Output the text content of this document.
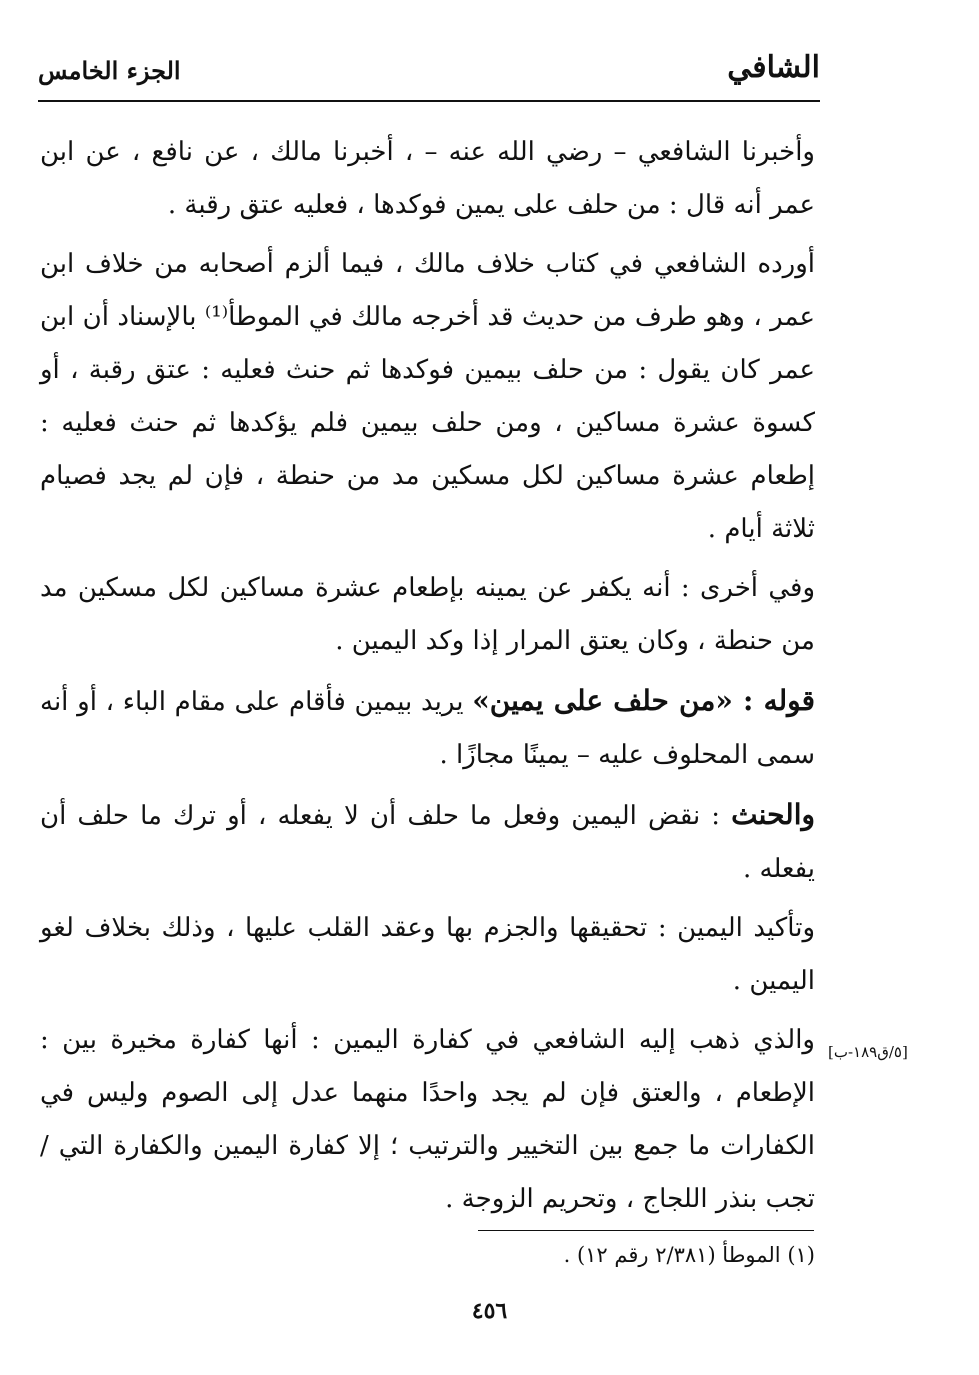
الشافي
الجزء الخامس

وأخبرنا الشافعي – رضي الله عنه – ، أخبرنا مالك ، عن نافع ، عن ابن عمر أنه قال : من حلف على يمين فوكدها ، فعليه عتق رقبة .

أورده الشافعي في كتاب خلاف مالك ، فيما ألزم أصحابه من خلاف ابن عمر ، وهو طرف من حديث قد أخرجه مالك في الموطأ⁽¹⁾ بالإسناد أن ابن عمر كان يقول : من حلف بيمين فوكدها ثم حنث فعليه : عتق رقبة ، أو كسوة عشرة مساكين ، ومن حلف بيمين فلم يؤكدها ثم حنث فعليه : إطعام عشرة مساكين لكل مسكين مد من حنطة ، فإن لم يجد فصيام ثلاثة أيام .

وفي أخرى : أنه يكفر عن يمينه بإطعام عشرة مساكين لكل مسكين مد من حنطة ، وكان يعتق المرار إذا وكد اليمين .

قوله : «من حلف على يمين» يريد بيمين فأقام على مقام الباء ، أو أنه سمى المحلوف عليه – يمينًا مجازًا .

والحنث : نقض اليمين وفعل ما حلف أن لا يفعله ، أو ترك ما حلف أن يفعله .

وتأكيد اليمين : تحقيقها والجزم بها وعقد القلب عليها ، وذلك بخلاف لغو اليمين .

والذي ذهب إليه الشافعي في كفارة اليمين : أنها كفارة مخيرة بين : الإطعام ، والعتق فإن لم يجد واحدًا منهما عدل إلى الصوم وليس في الكفارات ما جمع بين التخيير والترتيب ؛ إلا كفارة اليمين والكفارة التي / تجب بنذر اللجاج ، وتحريم الزوجة .

[٥/ق١٨٩-ب]
(١) الموطأ (٢/٣٨١ رقم ١٢) .
٤٥٦
